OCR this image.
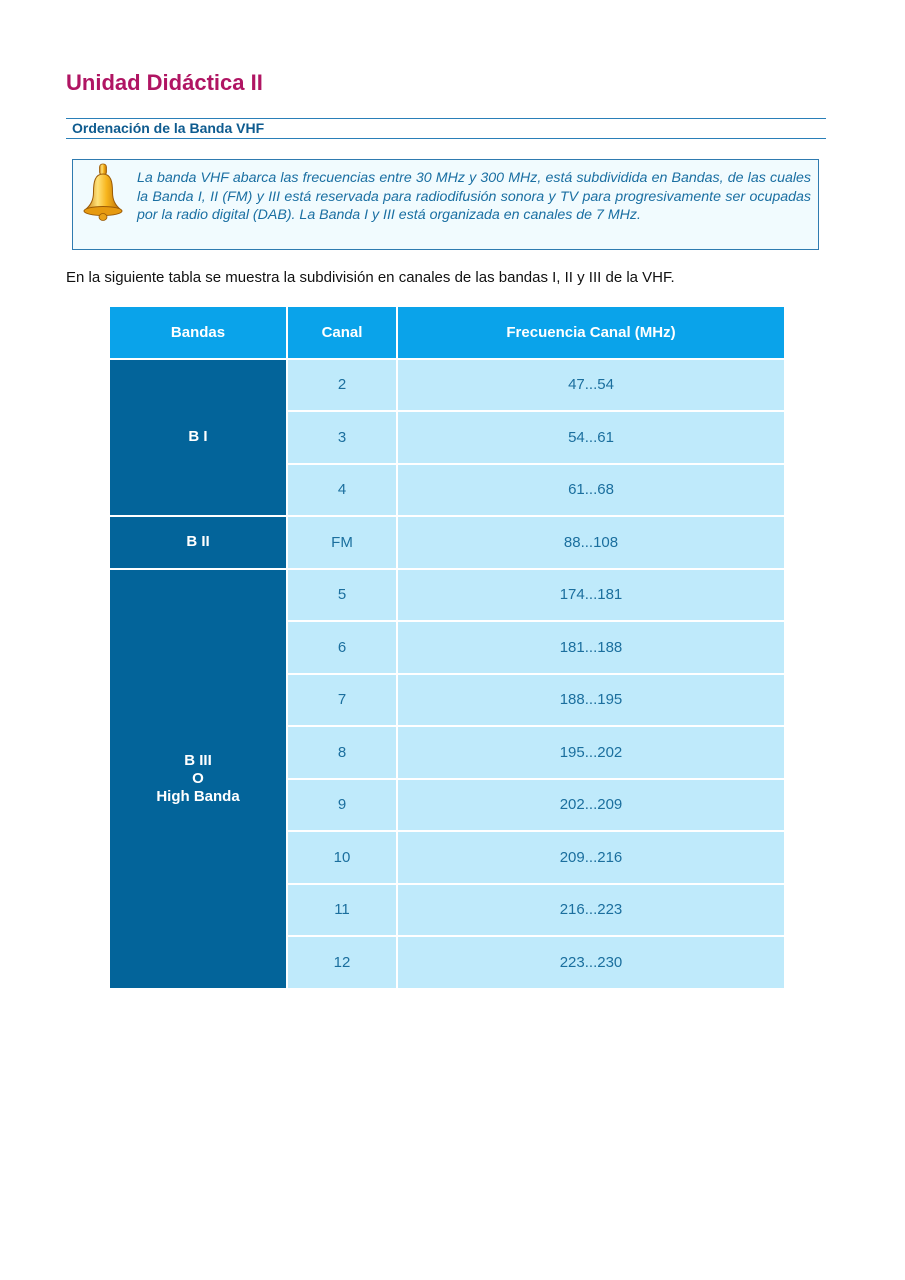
Unidad Didáctica II
Ordenación de la Banda VHF

La banda VHF abarca las frecuencias entre 30 MHz y 300 MHz, está subdividida en Bandas, de las cuales la Banda I, II (FM) y III está reservada para radiodifusión sonora y TV para progresivamente ser ocupadas por la radio digital (DAB). La Banda I y III está organizada en canales de 7 MHz.

En la siguiente tabla se muestra la subdivisión en canales de las bandas I, II y III de la VHF.

Bandas	Canal	Frecuencia Canal (MHz)
B I	2	47...54
	3	54...61
	4	61...68
B II	FM	88...108

B III
O
High Banda	5	174...181
	6	181...188
	7	188...195
	8	195...202
	9	202...209
	10	209...216
	11	216...223
	12	223...230
